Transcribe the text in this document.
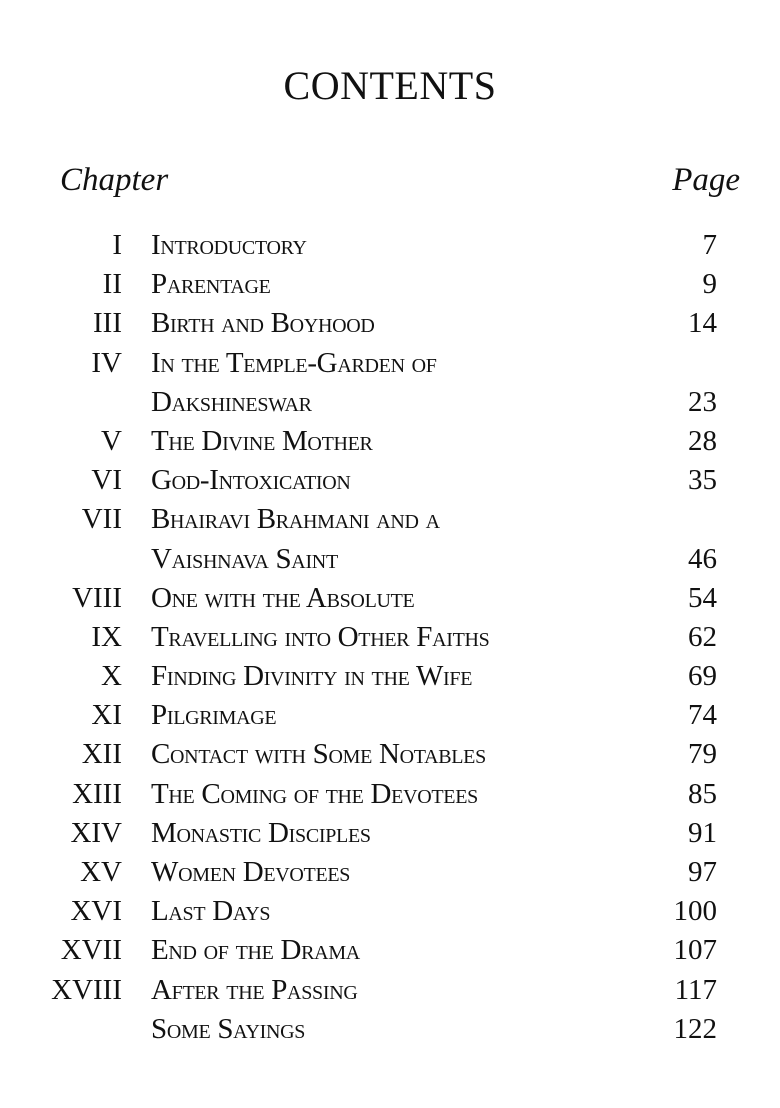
CONTENTS
Chapter	Page
I Introductory	7
II Parentage	9
III Birth and Boyhood	14
IV In the Temple-Garden of
Dakshineswar	23
V The Divine Mother	28
VI God-Intoxication	35
VII Bhairavi Brahmani and a
Vaishnava Saint	46
VIII One with the Absolute	54
IX Travelling into Other Faiths	62
X Finding Divinity in the Wife	69
XI Pilgrimage	74
XII Contact with Some Notables	79
XIII The Coming of the Devotees	85
XIV Monastic Disciples	91
XV Women Devotees	97
XVI Last Days	100
XVII End of the Drama	107
XVIII After the Passing	117
Some Sayings	122
